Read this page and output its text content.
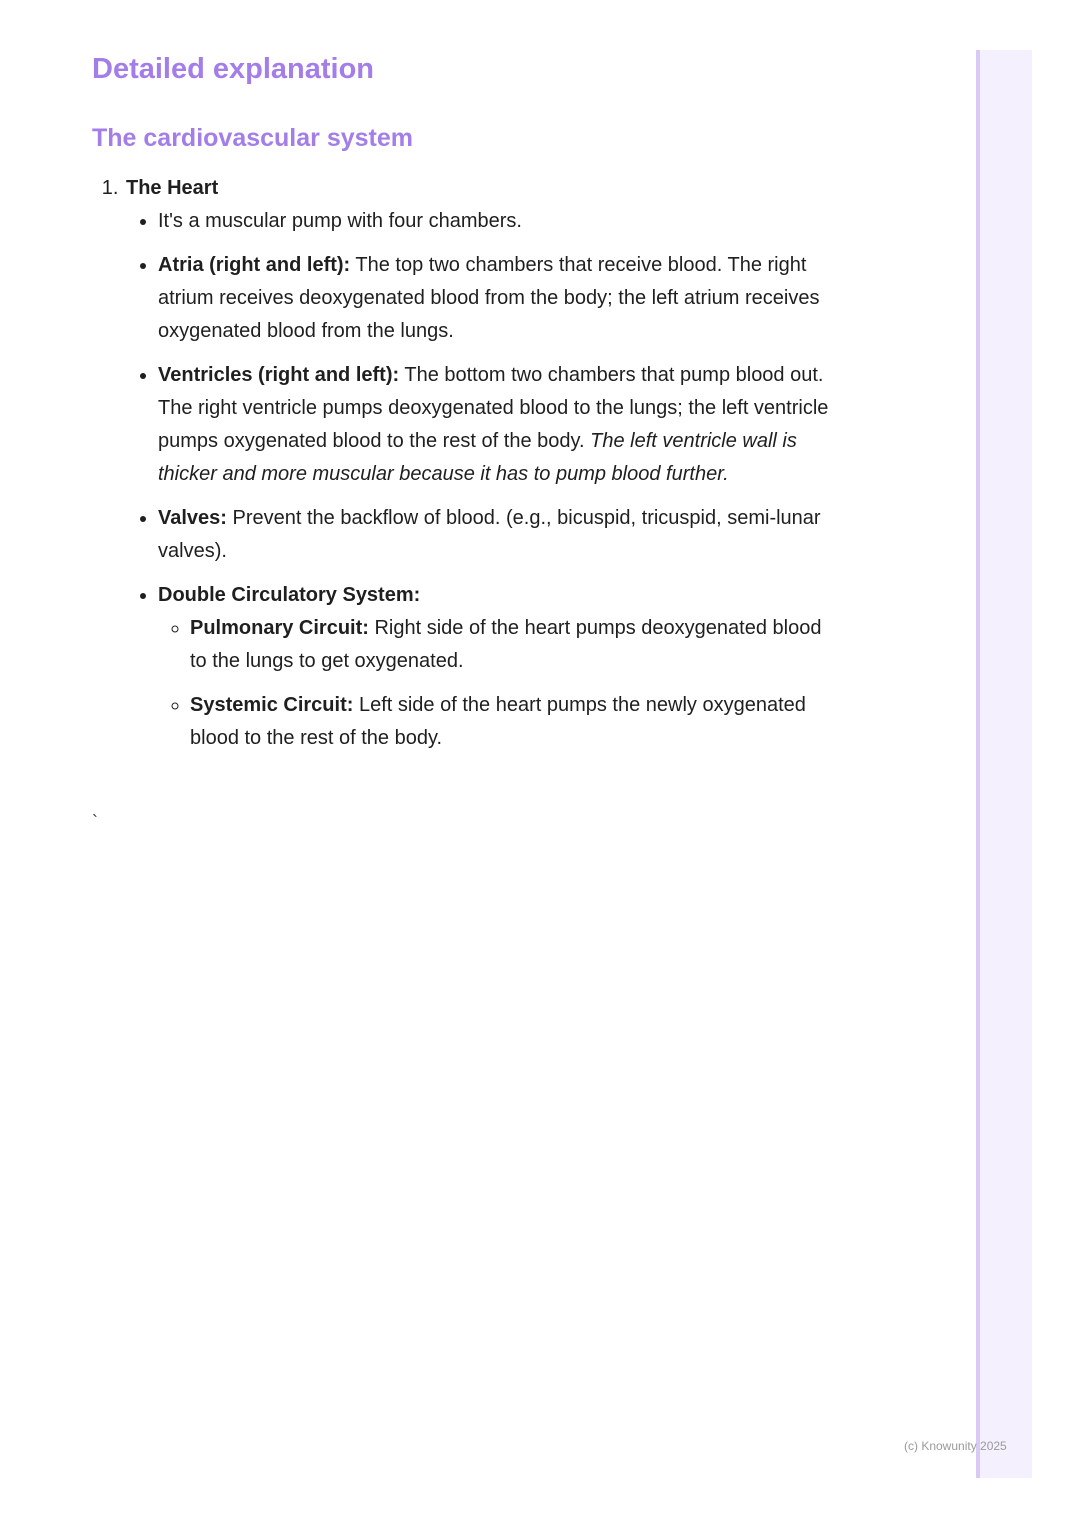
Detailed explanation
The cardiovascular system
1. The Heart
• It's a muscular pump with four chambers.
• Atria (right and left): The top two chambers that receive blood. The right atrium receives deoxygenated blood from the body; the left atrium receives oxygenated blood from the lungs.
• Ventricles (right and left): The bottom two chambers that pump blood out. The right ventricle pumps deoxygenated blood to the lungs; the left ventricle pumps oxygenated blood to the rest of the body. The left ventricle wall is thicker and more muscular because it has to pump blood further.
• Valves: Prevent the backflow of blood. (e.g., bicuspid, tricuspid, semi-lunar valves).
• Double Circulatory System:
◦ Pulmonary Circuit: Right side of the heart pumps deoxygenated blood to the lungs to get oxygenated.
◦ Systemic Circuit: Left side of the heart pumps the newly oxygenated blood to the rest of the body.
`
(c) Knowunity 2025
